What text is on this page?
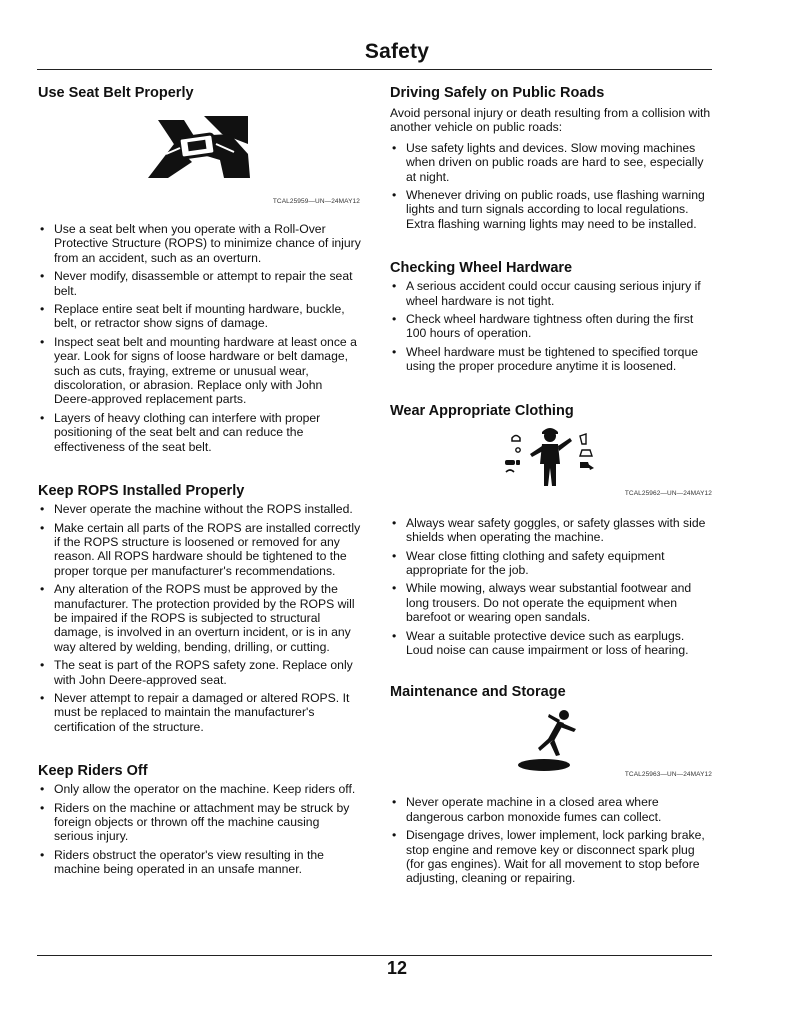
Safety
Use Seat Belt Properly
TCAL25959—UN—24MAY12
• Use a seat belt when you operate with a Roll-Over Protective Structure (ROPS) to minimize chance of injury from an accident, such as an overturn.
• Never modify, disassemble or attempt to repair the seat belt.
• Replace entire seat belt if mounting hardware, buckle, belt, or retractor show signs of damage.
• Inspect seat belt and mounting hardware at least once a year. Look for signs of loose hardware or belt damage, such as cuts, fraying, extreme or unusual wear, discoloration, or abrasion. Replace only with John Deere-approved replacement parts.
• Layers of heavy clothing can interfere with proper positioning of the seat belt and can reduce the effectiveness of the seat belt.
Keep ROPS Installed Properly
• Never operate the machine without the ROPS installed.
• Make certain all parts of the ROPS are installed correctly if the ROPS structure is loosened or removed for any reason. All ROPS hardware should be tightened to the proper torque per manufacturer's recommendations.
• Any alteration of the ROPS must be approved by the manufacturer. The protection provided by the ROPS will be impaired if the ROPS is subjected to structural damage, is involved in an overturn incident, or is in any way altered by welding, bending, drilling, or cutting.
• The seat is part of the ROPS safety zone. Replace only with John Deere-approved seat.
• Never attempt to repair a damaged or altered ROPS. It must be replaced to maintain the manufacturer's certification of the structure.
Keep Riders Off
• Only allow the operator on the machine. Keep riders off.
• Riders on the machine or attachment may be struck by foreign objects or thrown off the machine causing serious injury.
• Riders obstruct the operator's view resulting in the machine being operated in an unsafe manner.
Driving Safely on Public Roads

Avoid personal injury or death resulting from a collision with another vehicle on public roads:

• Use safety lights and devices. Slow moving machines when driven on public roads are hard to see, especially at night.
• Whenever driving on public roads, use flashing warning lights and turn signals according to local regulations. Extra flashing warning lights may need to be installed.
Checking Wheel Hardware
• A serious accident could occur causing serious injury if wheel hardware is not tight.
• Check wheel hardware tightness often during the first 100 hours of operation.
• Wheel hardware must be tightened to specified torque using the proper procedure anytime it is loosened.
Wear Appropriate Clothing
TCAL25962—UN—24MAY12
• Always wear safety goggles, or safety glasses with side shields when operating the machine.
• Wear close fitting clothing and safety equipment appropriate for the job.
• While mowing, always wear substantial footwear and long trousers. Do not operate the equipment when barefoot or wearing open sandals.
• Wear a suitable protective device such as earplugs. Loud noise can cause impairment or loss of hearing.
Maintenance and Storage
TCAL25963—UN—24MAY12
• Never operate machine in a closed area where dangerous carbon monoxide fumes can collect.
• Disengage drives, lower implement, lock parking brake, stop engine and remove key or disconnect spark plug (for gas engines). Wait for all movement to stop before adjusting, cleaning or repairing.
12
